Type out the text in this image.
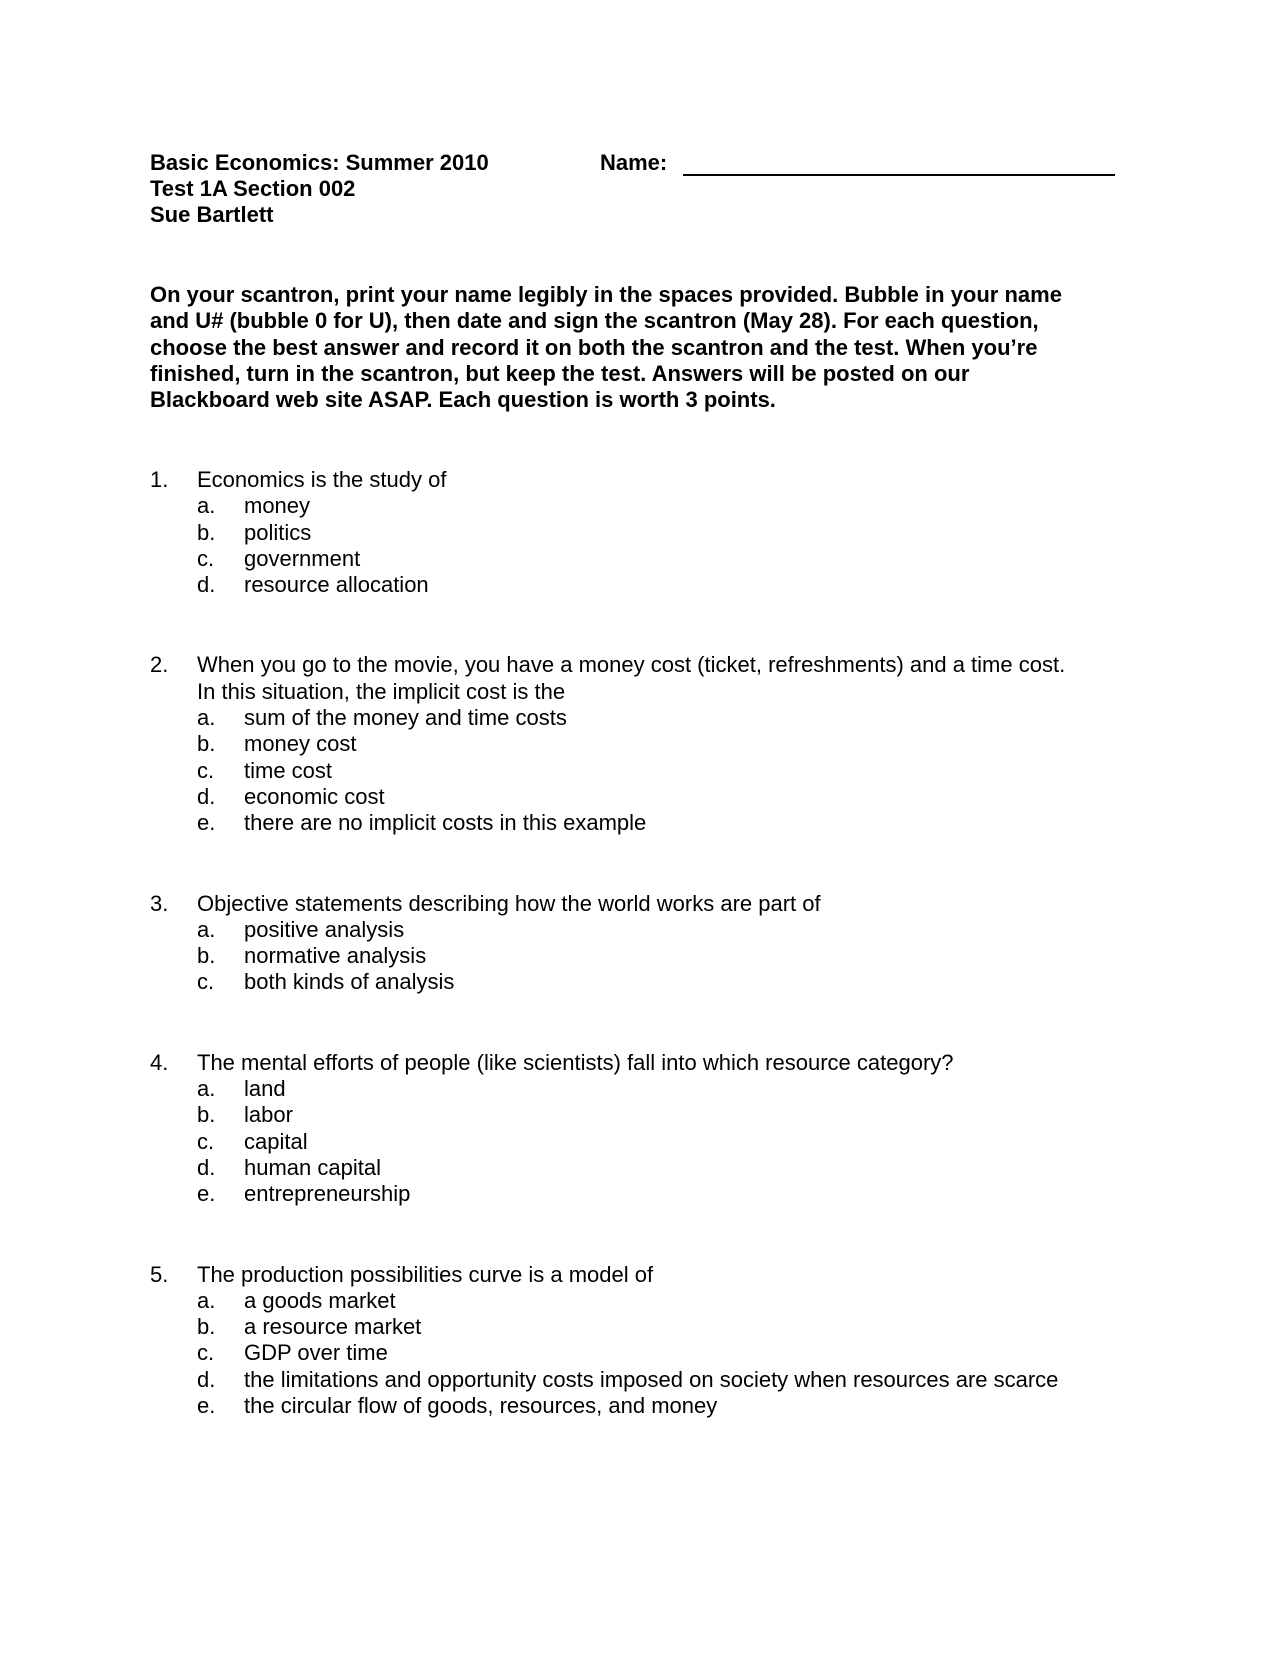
Basic Economics: Summer 2010
Test 1A Section 002
Sue Bartlett
Name:
On your scantron, print your name legibly in the spaces provided. Bubble in your name
and U# (bubble 0 for U), then date and sign the scantron (May 28). For each question,
choose the best answer and record it on both the scantron and the test. When you’re
finished, turn in the scantron, but keep the test. Answers will be posted on our
Blackboard web site ASAP. Each question is worth 3 points.
1.	Economics is the study of
a.	money
b.	politics
c.	government
d.	resource allocation
2.	When you go to the movie, you have a money cost (ticket, refreshments) and a time cost.
In this situation, the implicit cost is the
a.	sum of the money and time costs
b.	money cost
c.	time cost
d.	economic cost
e.	there are no implicit costs in this example
3.	Objective statements describing how the world works are part of
a.	positive analysis
b.	normative analysis
c.	both kinds of analysis
4.	The mental efforts of people (like scientists) fall into which resource category?
a.	land
b.	labor
c.	capital
d.	human capital
e.	entrepreneurship
5.	The production possibilities curve is a model of
a.	a goods market
b.	a resource market
c.	GDP over time
d.	the limitations and opportunity costs imposed on society when resources are scarce
e.	the circular flow of goods, resources, and money
